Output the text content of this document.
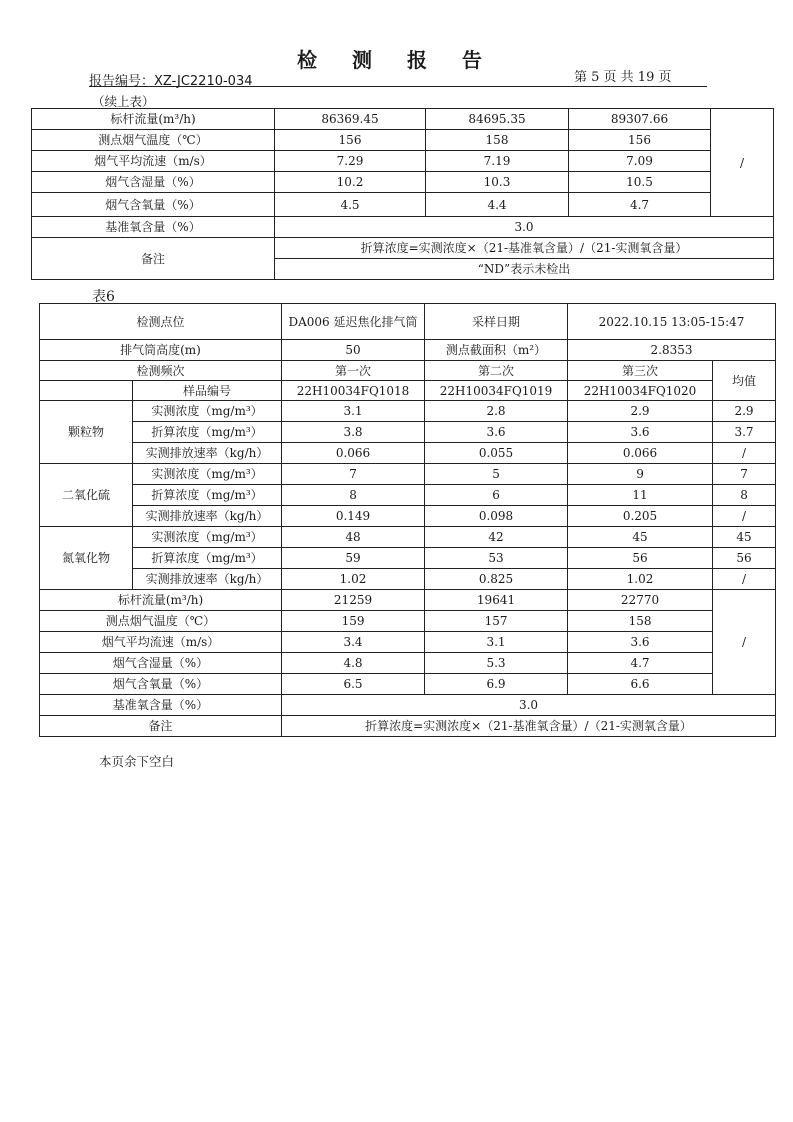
检 测 报 告
报告编号：XZ-JC2210-034	第 5 页 共 19 页
（续上表）
标杆流量(m³/h)	86369.45	84695.35	89307.66	/
测点烟气温度（℃）	156	158	156	
烟气平均流速（m/s）	7.29	7.19	7.09	
烟气含湿量（%）	10.2	10.3	10.5	
烟气含氧量（%）	4.5	4.4	4.7	
基准氧含量（%）	3.0			
备注	折算浓度=实测浓度×（21-基准氧含量）/（21-实测氧含量）			
	“ND”表示未检出			
表6
检测点位		DA006 延迟焦化排气筒	采样日期	2022.10.15 13:05-15:47	
排气筒高度(m)		50	测点截面积（m²）	2.8353	
检测频次		第一次	第二次	第三次	均值
	样品编号	22H10034FQ1018	22H10034FQ1019	22H10034FQ1020	
颗粒物	实测浓度（mg/m³）	3.1	2.8	2.9	2.9
	折算浓度（mg/m³）	3.8	3.6	3.6	3.7
	实测排放速率（kg/h）	0.066	0.055	0.066	/
二氧化硫	实测浓度（mg/m³）	7	5	9	7
	折算浓度（mg/m³）	8	6	11	8
	实测排放速率（kg/h）	0.149	0.098	0.205	/
氮氧化物	实测浓度（mg/m³）	48	42	45	45
	折算浓度（mg/m³）	59	53	56	56
	实测排放速率（kg/h）	1.02	0.825	1.02	/
标杆流量(m³/h)		21259	19641	22770	/
测点烟气温度（℃）		159	157	158	
烟气平均流速（m/s）		3.4	3.1	3.6	
烟气含湿量（%）		4.8	5.3	4.7	
烟气含氧量（%）		6.5	6.9	6.6	
基准氧含量（%）		3.0			
备注		折算浓度=实测浓度×（21-基准氧含量）/（21-实测氧含量）			
本页余下空白
